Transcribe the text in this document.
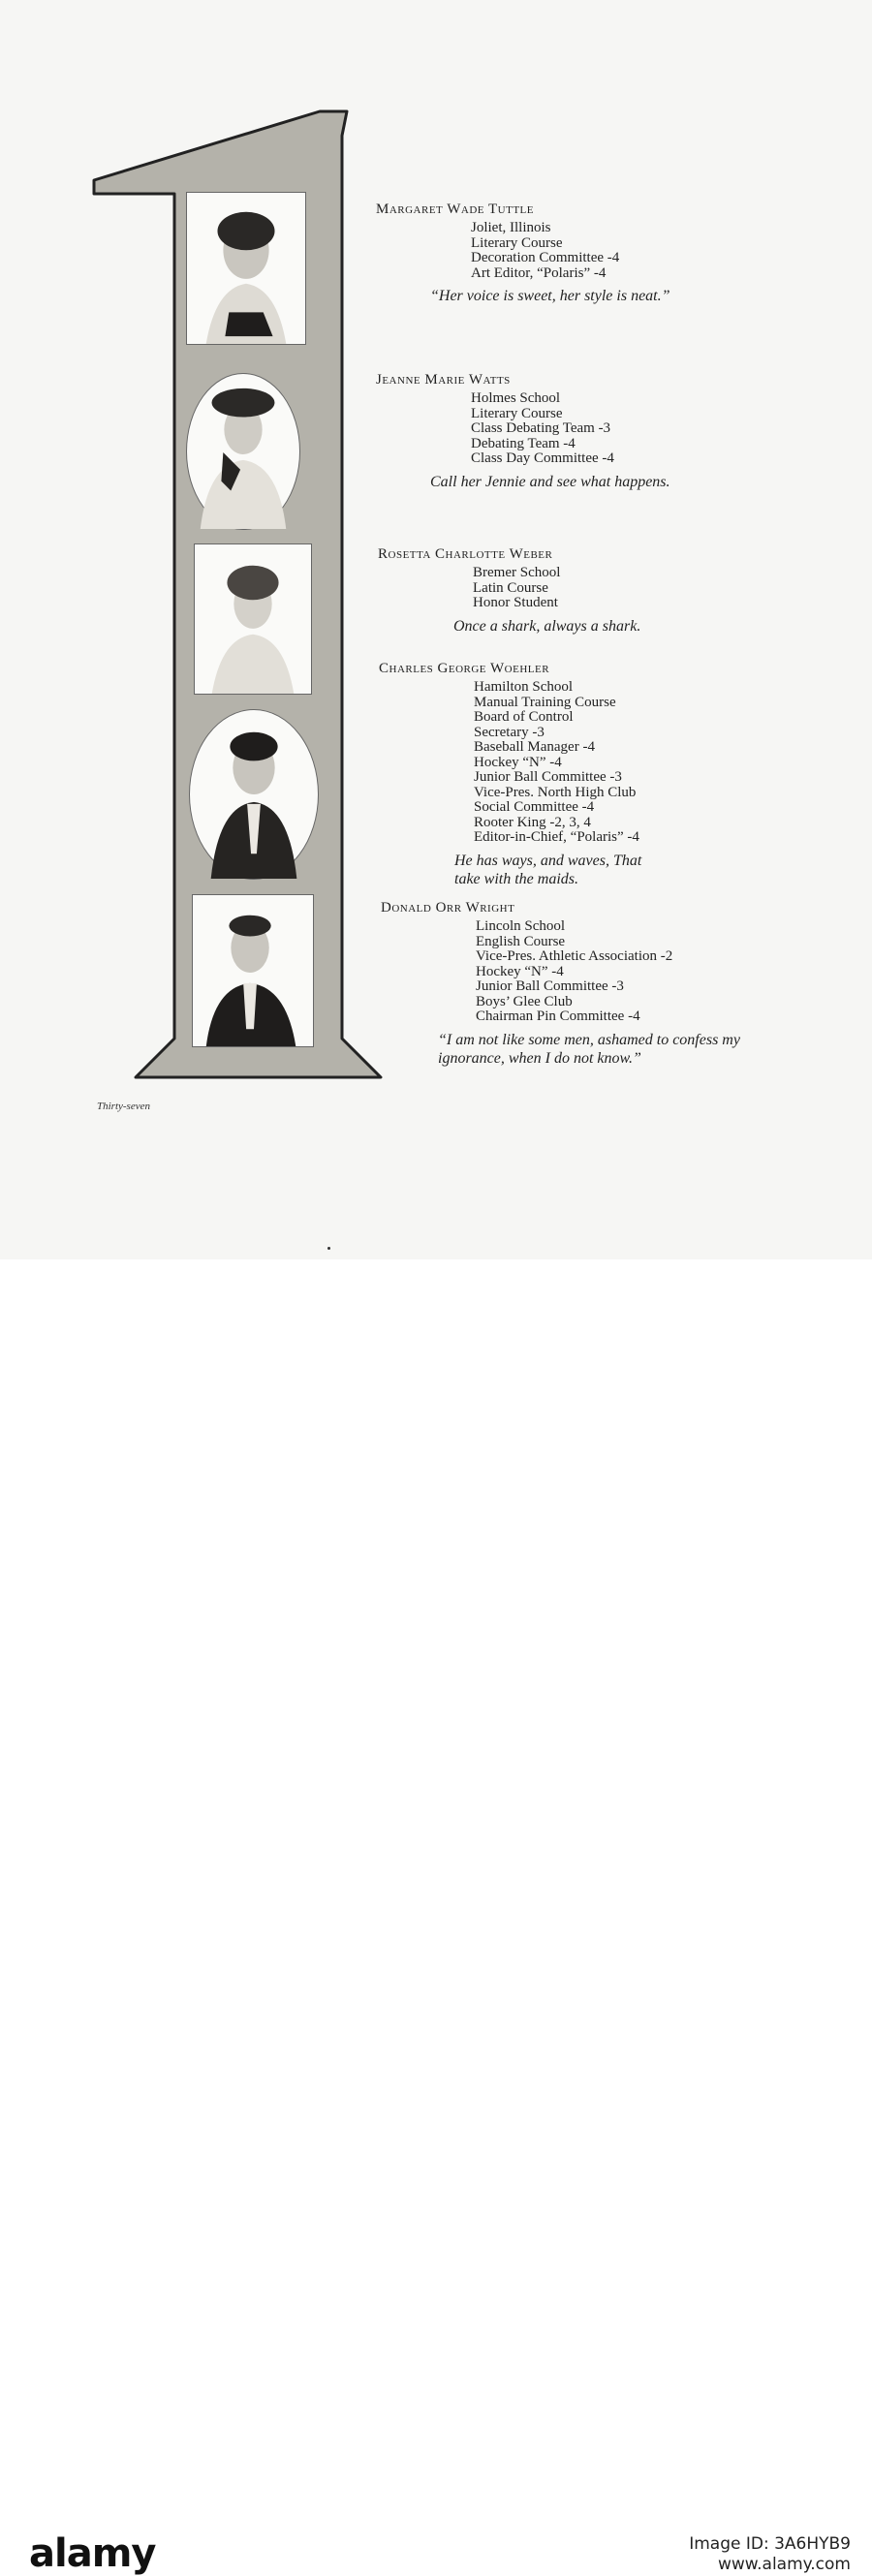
Margaret Wade Tuttle

Joliet, Illinois
Literary Course
Decoration Committee -4
Art Editor, “Polaris” -4
“Her voice is sweet, her style is neat.”

Jeanne Marie Watts

Holmes School
Literary Course
Class Debating Team -3
Debating Team -4
Class Day Committee -4
Call her Jennie and see what happens.

Rosetta Charlotte Weber

Bremer School
Latin Course
Honor Student
Once a shark, always a shark.

Charles George Woehler

Hamilton School
Manual Training Course
Board of Control
Secretary -3
Baseball Manager -4
Hockey “N” -4
Junior Ball Committee -3
Vice-Pres. North High Club
Social Committee -4
Rooter King -2, 3, 4
Editor-in-Chief, “Polaris” -4
He has ways, and waves, That take with the maids.

Donald Orr Wright

Lincoln School
English Course
Vice-Pres. Athletic Association -2
Hockey “N” -4
Junior Ball Committee -3
Boys’ Glee Club
Chairman Pin Committee -4
“I am not like some men, ashamed to confess my ignorance, when I do not know.”
Thirty-seven
alamy	Image ID: 3A6HYB9
www.alamy.com
